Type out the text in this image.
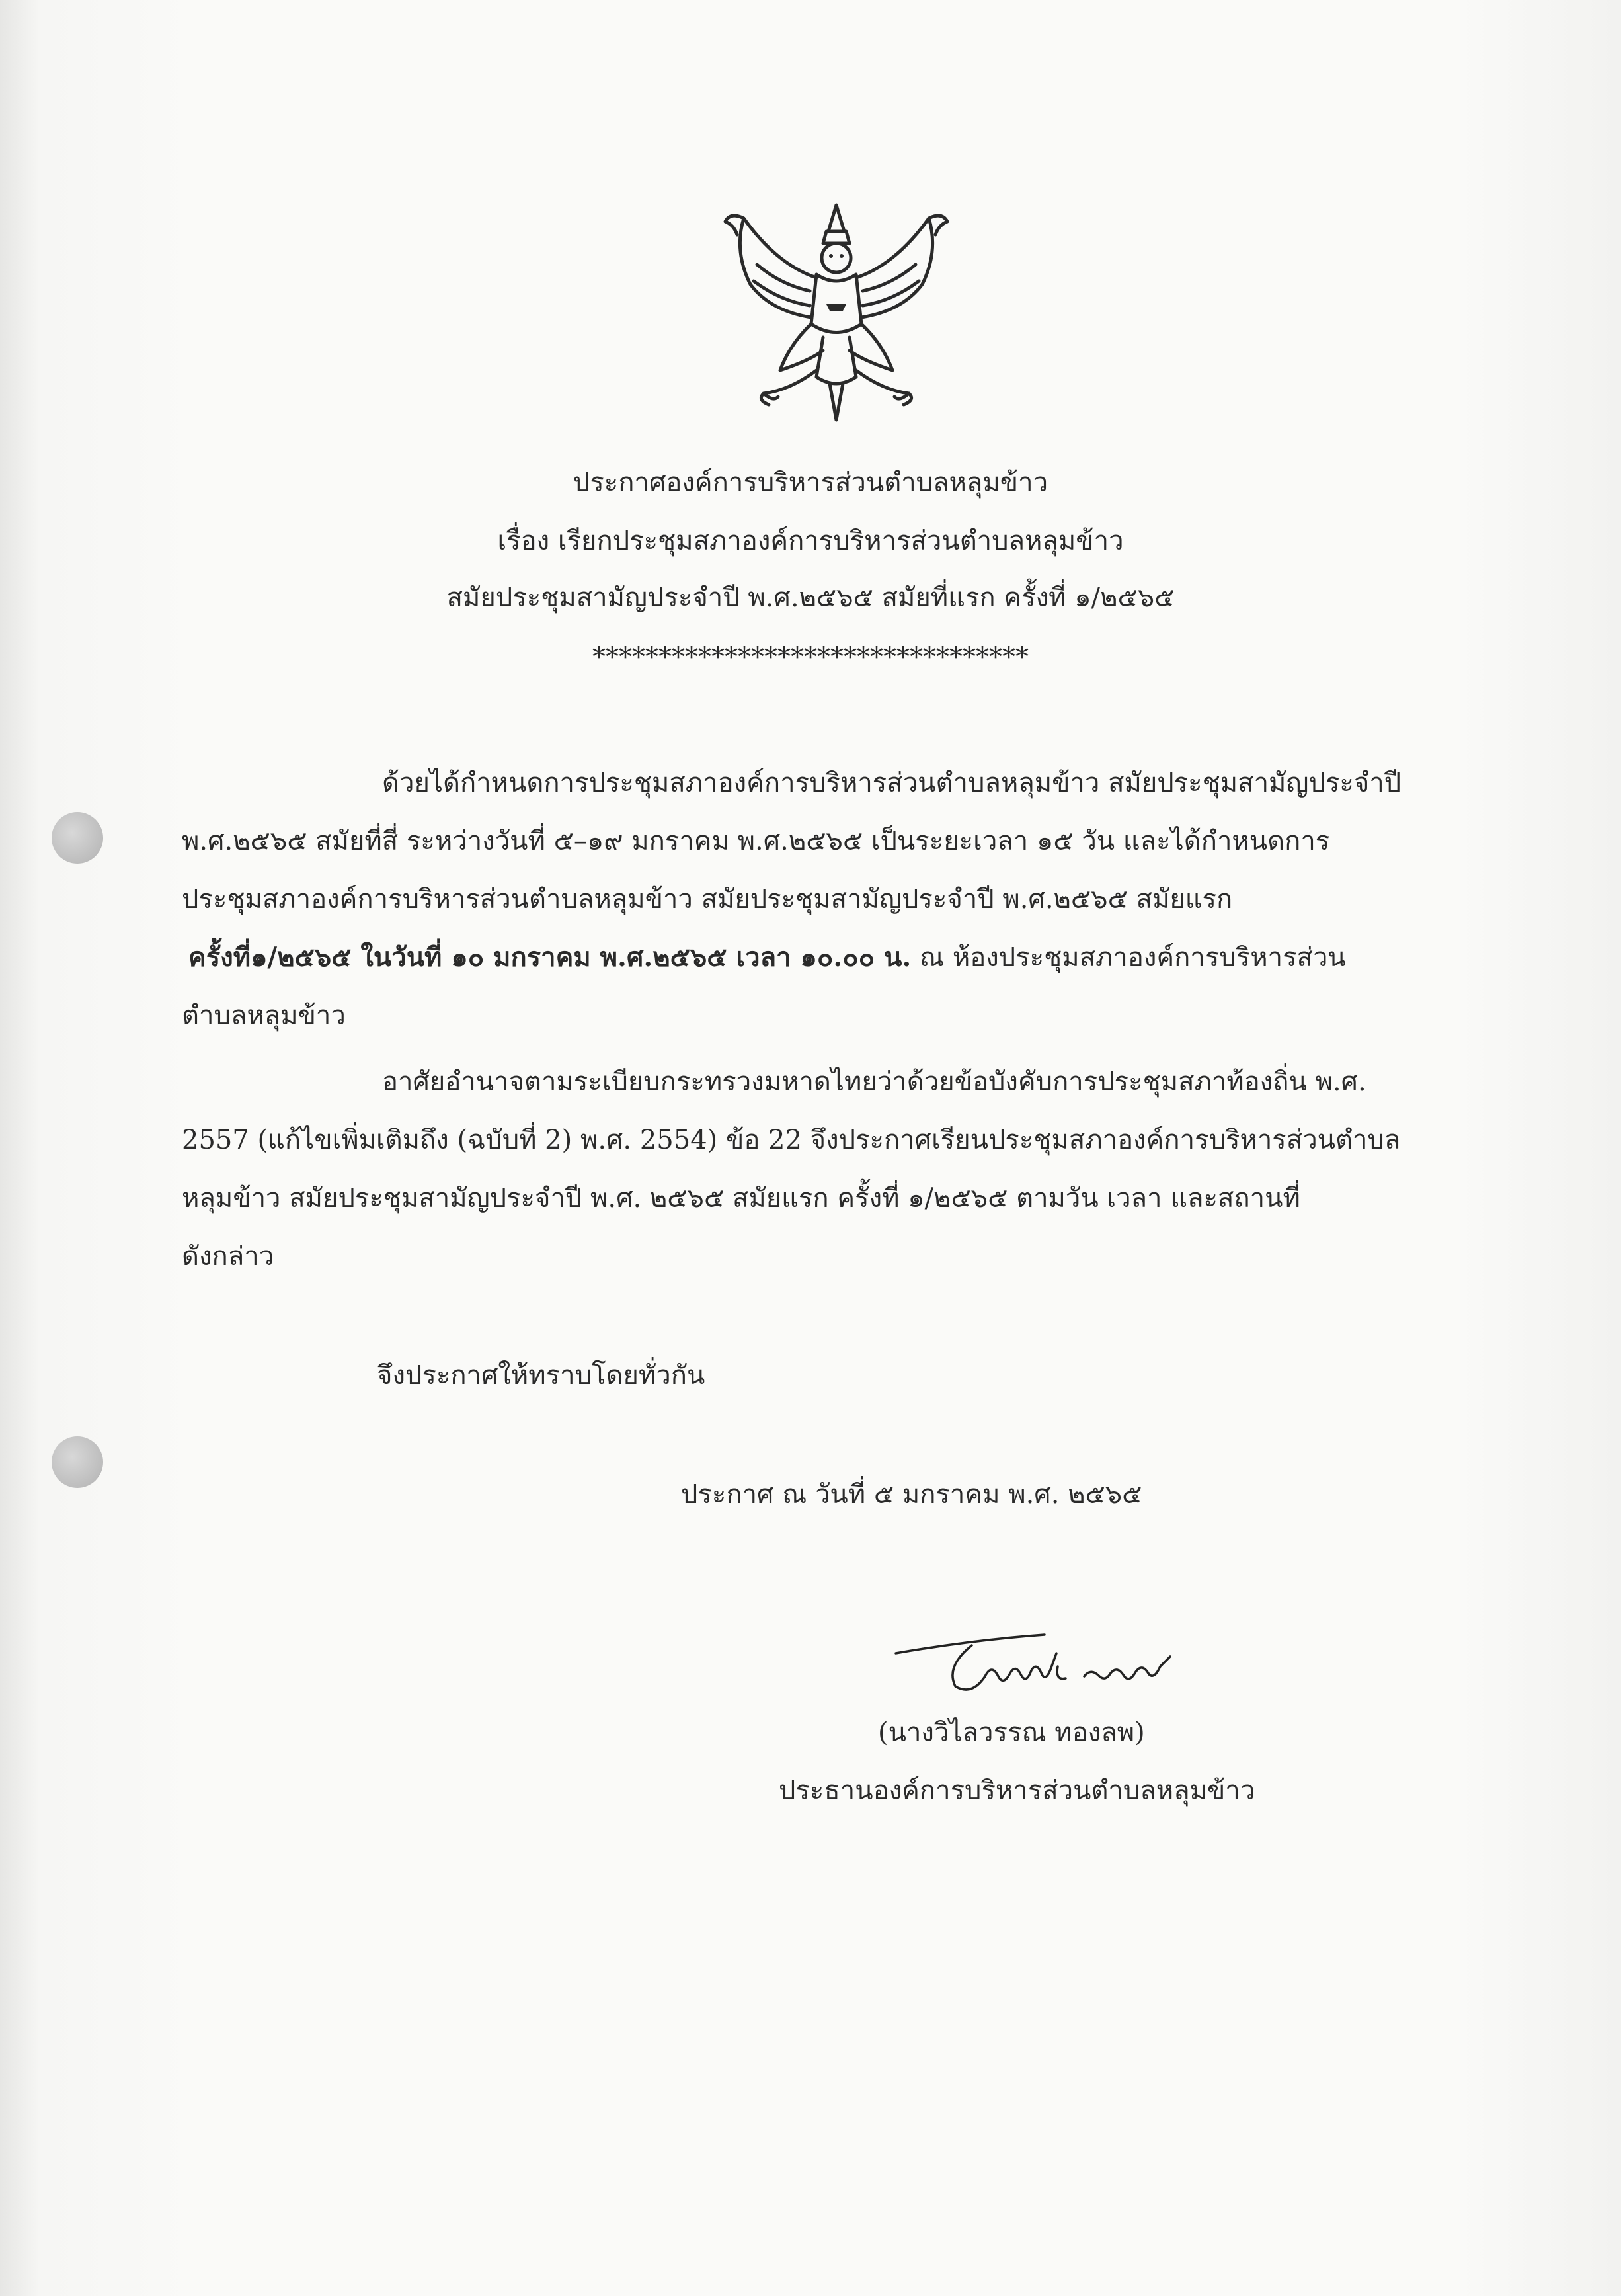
ประกาศองค์การบริหารส่วนตำบลหลุมข้าว
เรื่อง เรียกประชุมสภาองค์การบริหารส่วนตำบลหลุมข้าว
สมัยประชุมสามัญประจำปี พ.ศ.๒๕๖๕ สมัยที่แรก ครั้งที่ ๑/๒๕๖๕
*********************************
ด้วยได้กำหนดการประชุมสภาองค์การบริหารส่วนตำบลหลุมข้าว สมัยประชุมสามัญประจำปี
พ.ศ.๒๕๖๕ สมัยที่สี่ ระหว่างวันที่ ๕–๑๙ มกราคม พ.ศ.๒๕๖๕ เป็นระยะเวลา ๑๕ วัน และได้กำหนดการ
ประชุมสภาองค์การบริหารส่วนตำบลหลุมข้าว สมัยประชุมสามัญประจำปี พ.ศ.๒๕๖๕ สมัยแรก
ครั้งที่๑/๒๕๖๕ ในวันที่ ๑๐ มกราคม พ.ศ.๒๕๖๕ เวลา ๑๐.๐๐ น. ณ ห้องประชุมสภาองค์การบริหารส่วน
ตำบลหลุมข้าว
อาศัยอำนาจตามระเบียบกระทรวงมหาดไทยว่าด้วยข้อบังคับการประชุมสภาท้องถิ่น พ.ศ.
2557 (แก้ไขเพิ่มเติมถึง (ฉบับที่ 2) พ.ศ. 2554) ข้อ 22 จึงประกาศเรียนประชุมสภาองค์การบริหารส่วนตำบล
หลุมข้าว สมัยประชุมสามัญประจำปี พ.ศ. ๒๕๖๕ สมัยแรก ครั้งที่ ๑/๒๕๖๕ ตามวัน เวลา และสถานที่
ดังกล่าว
จึงประกาศให้ทราบโดยทั่วกัน
ประกาศ ณ วันที่ ๕ มกราคม พ.ศ. ๒๕๖๕
(นางวิไลวรรณ ทองลพ)
ประธานองค์การบริหารส่วนตำบลหลุมข้าว
